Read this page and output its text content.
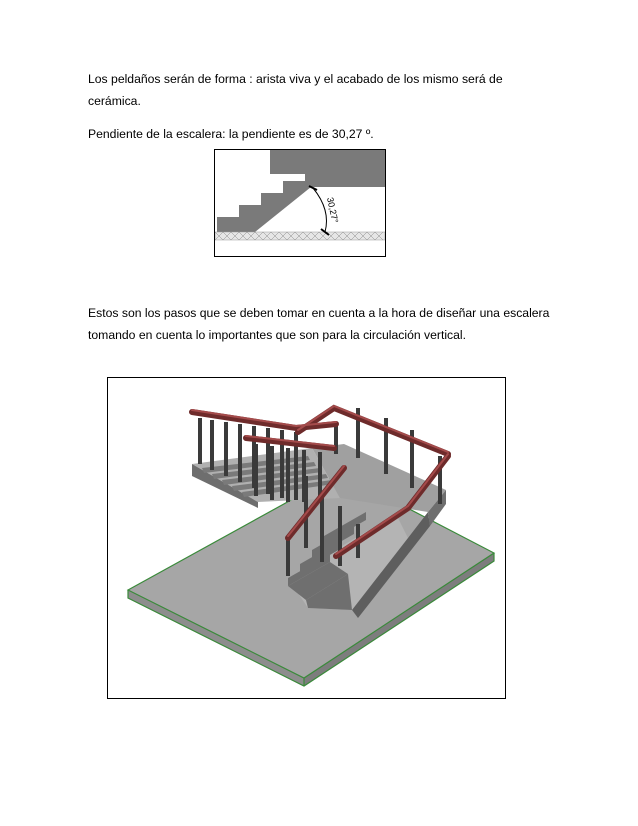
Los peldaños serán de forma : arista viva y el acabado de los mismo será de cerámica.

Pendiente de la escalera: la pendiente es de 30,27 º.

30,27°

Estos son los pasos que se deben tomar en cuenta a la hora de diseñar una escalera tomando en cuenta lo importantes que son para la circulación vertical.
